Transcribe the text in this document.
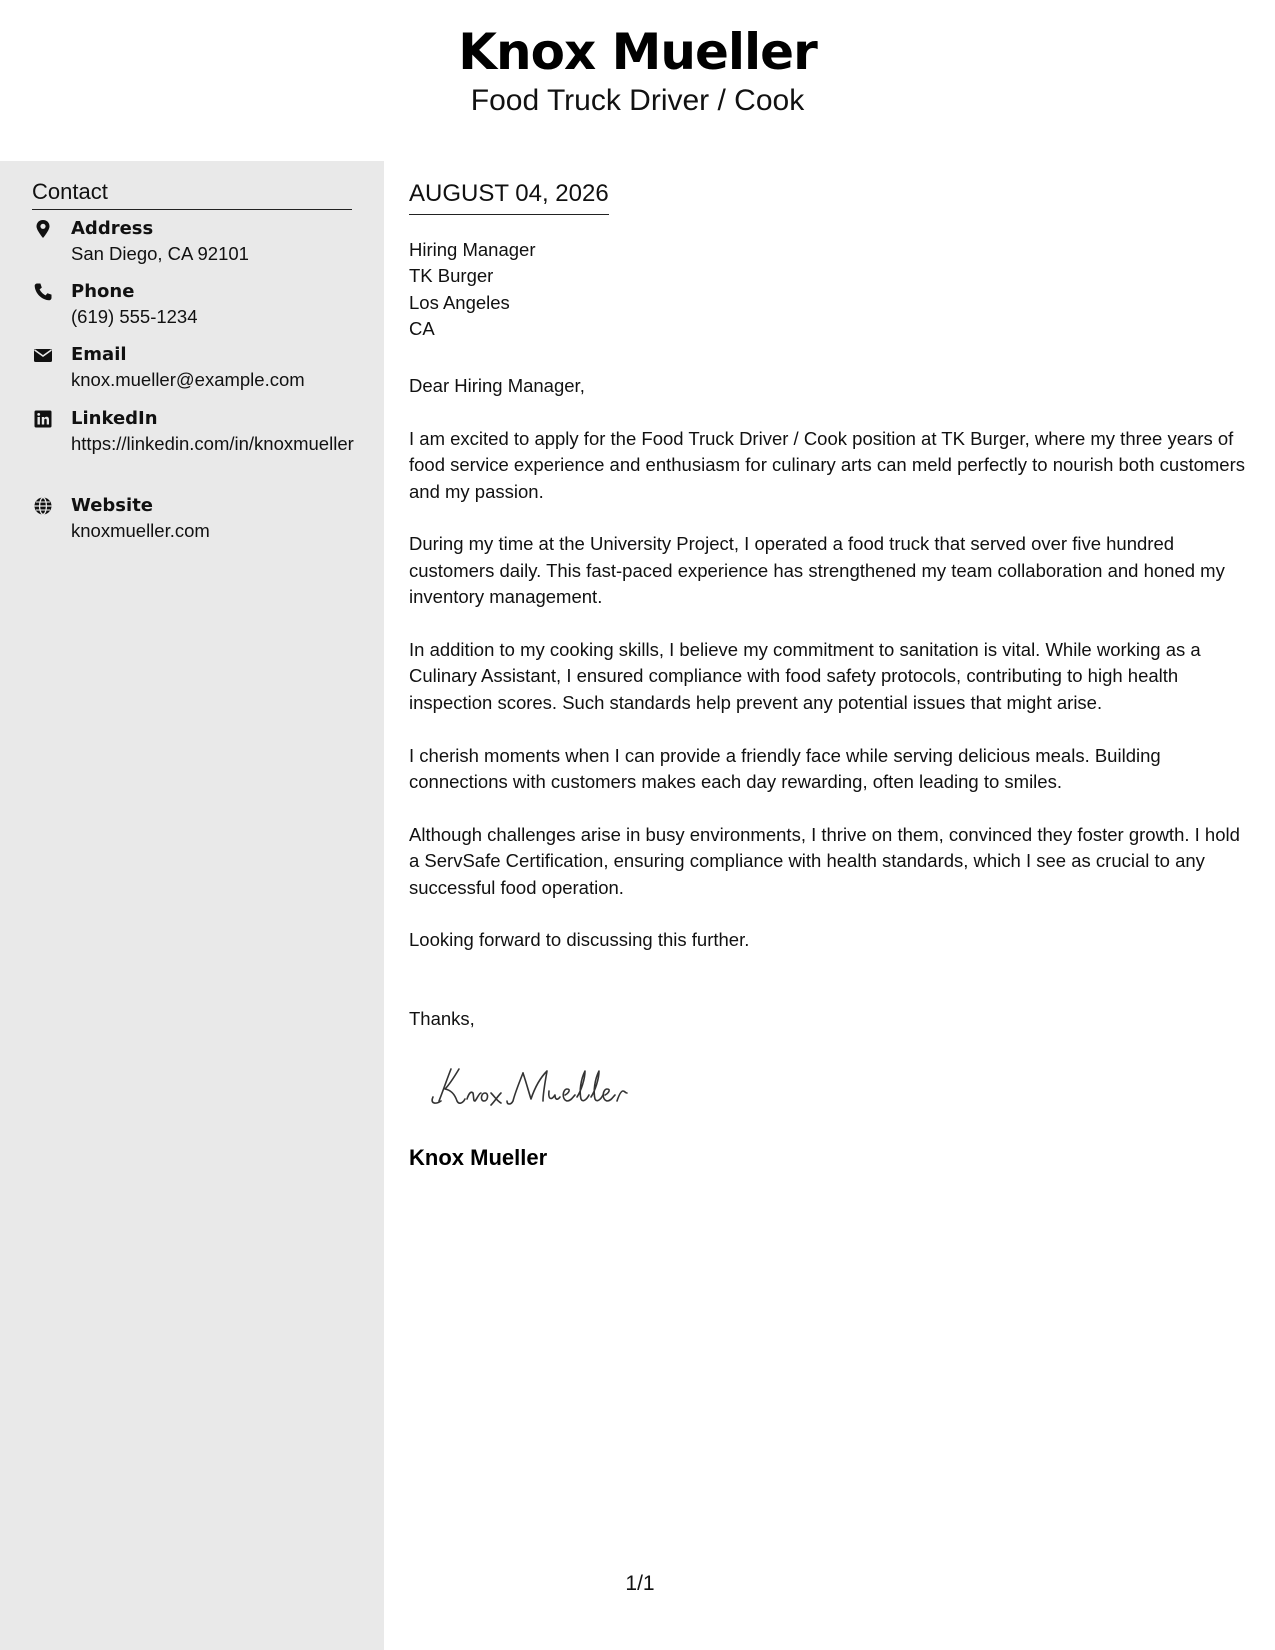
Knox Mueller
Food Truck Driver / Cook
Contact
Address
San Diego, CA 92101
Phone
(619) 555-1234
Email
knox.mueller@example.com
LinkedIn
https://linkedin.com/in/knoxmueller
Website
knoxmueller.com
AUGUST 04, 2026
Hiring Manager
TK Burger
Los Angeles
CA

Dear Hiring Manager,

I am excited to apply for the Food Truck Driver / Cook position at TK Burger, where my three years of food service experience and enthusiasm for culinary arts can meld perfectly to nourish both customers and my passion.

During my time at the University Project, I operated a food truck that served over five hundred customers daily. This fast-paced experience has strengthened my team collaboration and honed my inventory management.

In addition to my cooking skills, I believe my commitment to sanitation is vital. While working as a Culinary Assistant, I ensured compliance with food safety protocols, contributing to high health inspection scores. Such standards help prevent any potential issues that might arise.

I cherish moments when I can provide a friendly face while serving delicious meals. Building connections with customers makes each day rewarding, often leading to smiles.

Although challenges arise in busy environments, I thrive on them, convinced they foster growth. I hold a ServSafe Certification, ensuring compliance with health standards, which I see as crucial to any successful food operation.

Looking forward to discussing this further.

Thanks,
Knox Mueller
1/1
